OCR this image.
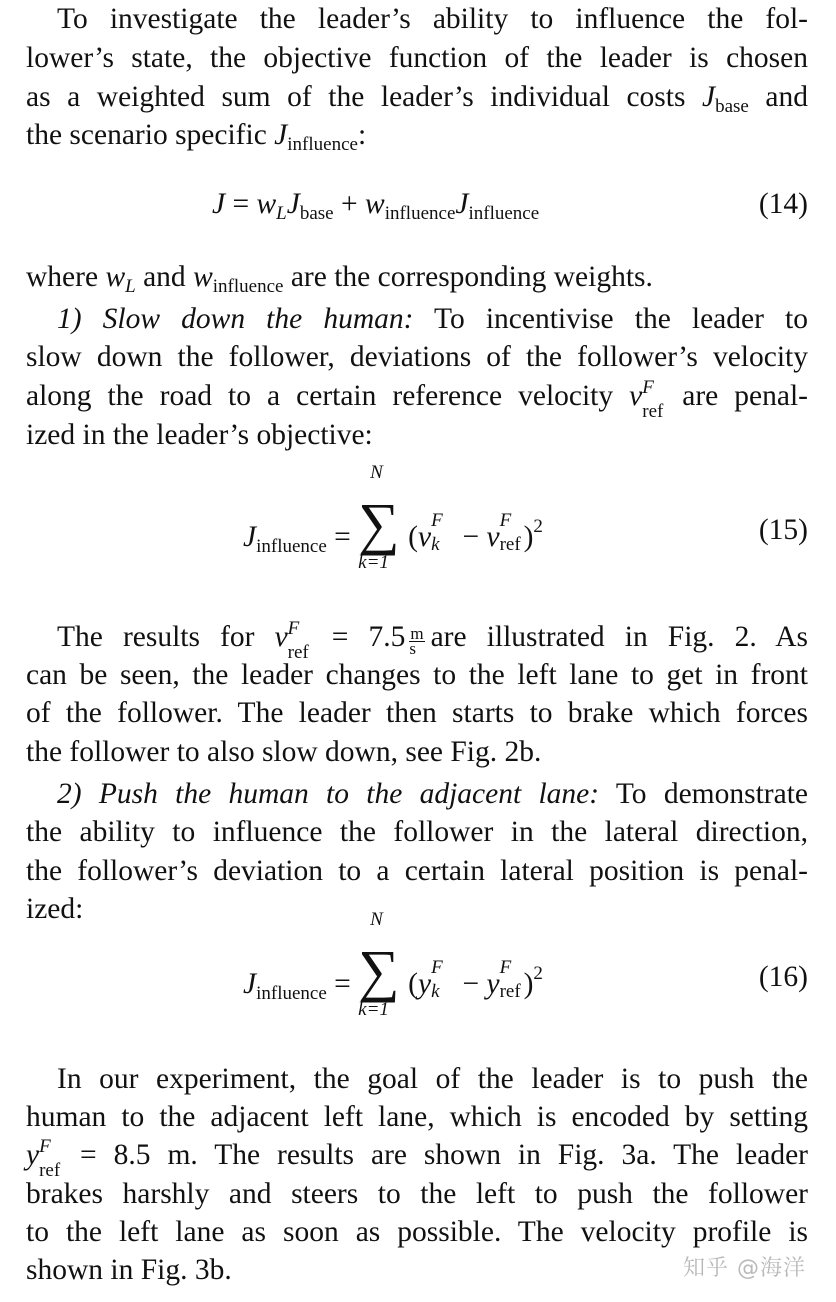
To investigate the leader’s ability to influence the fol-
lower’s state, the objective function of the leader is chosen
as a weighted sum of the leader’s individual costs $J_{base}$ and
the scenario specific $J_{influence}$:
$J = w_LJ_{base} + w_{influence}J_{influence}$	(14)
where $w_L$ and $w_{influence}$ are the corresponding weights.
1) Slow down the human: To incentivise the leader to
slow down the follower, deviations of the follower’s velocity
along the road to a certain reference velocity v F
ref are penal-
ized in the leader’s objective:
$J_{influence}$ =
N
∑
k=1
(v
F
k − v
F
ref )$^2$	(15)
The results for v F
ref = $7.5 \frac{m}{s}$ are illustrated in Fig. 2. As
can be seen, the leader changes to the left lane to get in front
of the follower. The leader then starts to brake which forces
the follower to also slow down, see Fig. 2b.
2) Push the human to the adjacent lane: To demonstrate
the ability to influence the follower in the lateral direction,
the follower’s deviation to a certain lateral position is penal-
ized:
$J_{influence}$ =
N
∑
k=1
(y
F
k − y
F
ref )$^2$	(16)
In our experiment, the goal of the leader is to push the
human to the adjacent left lane, which is encoded by setting
y F
ref = 8.5 m. The results are shown in Fig. 3a. The leader
brakes harshly and steers to the left to push the follower
to the left lane as soon as possible. The velocity profile is
shown in Fig. 3b.	知乎 @海洋
